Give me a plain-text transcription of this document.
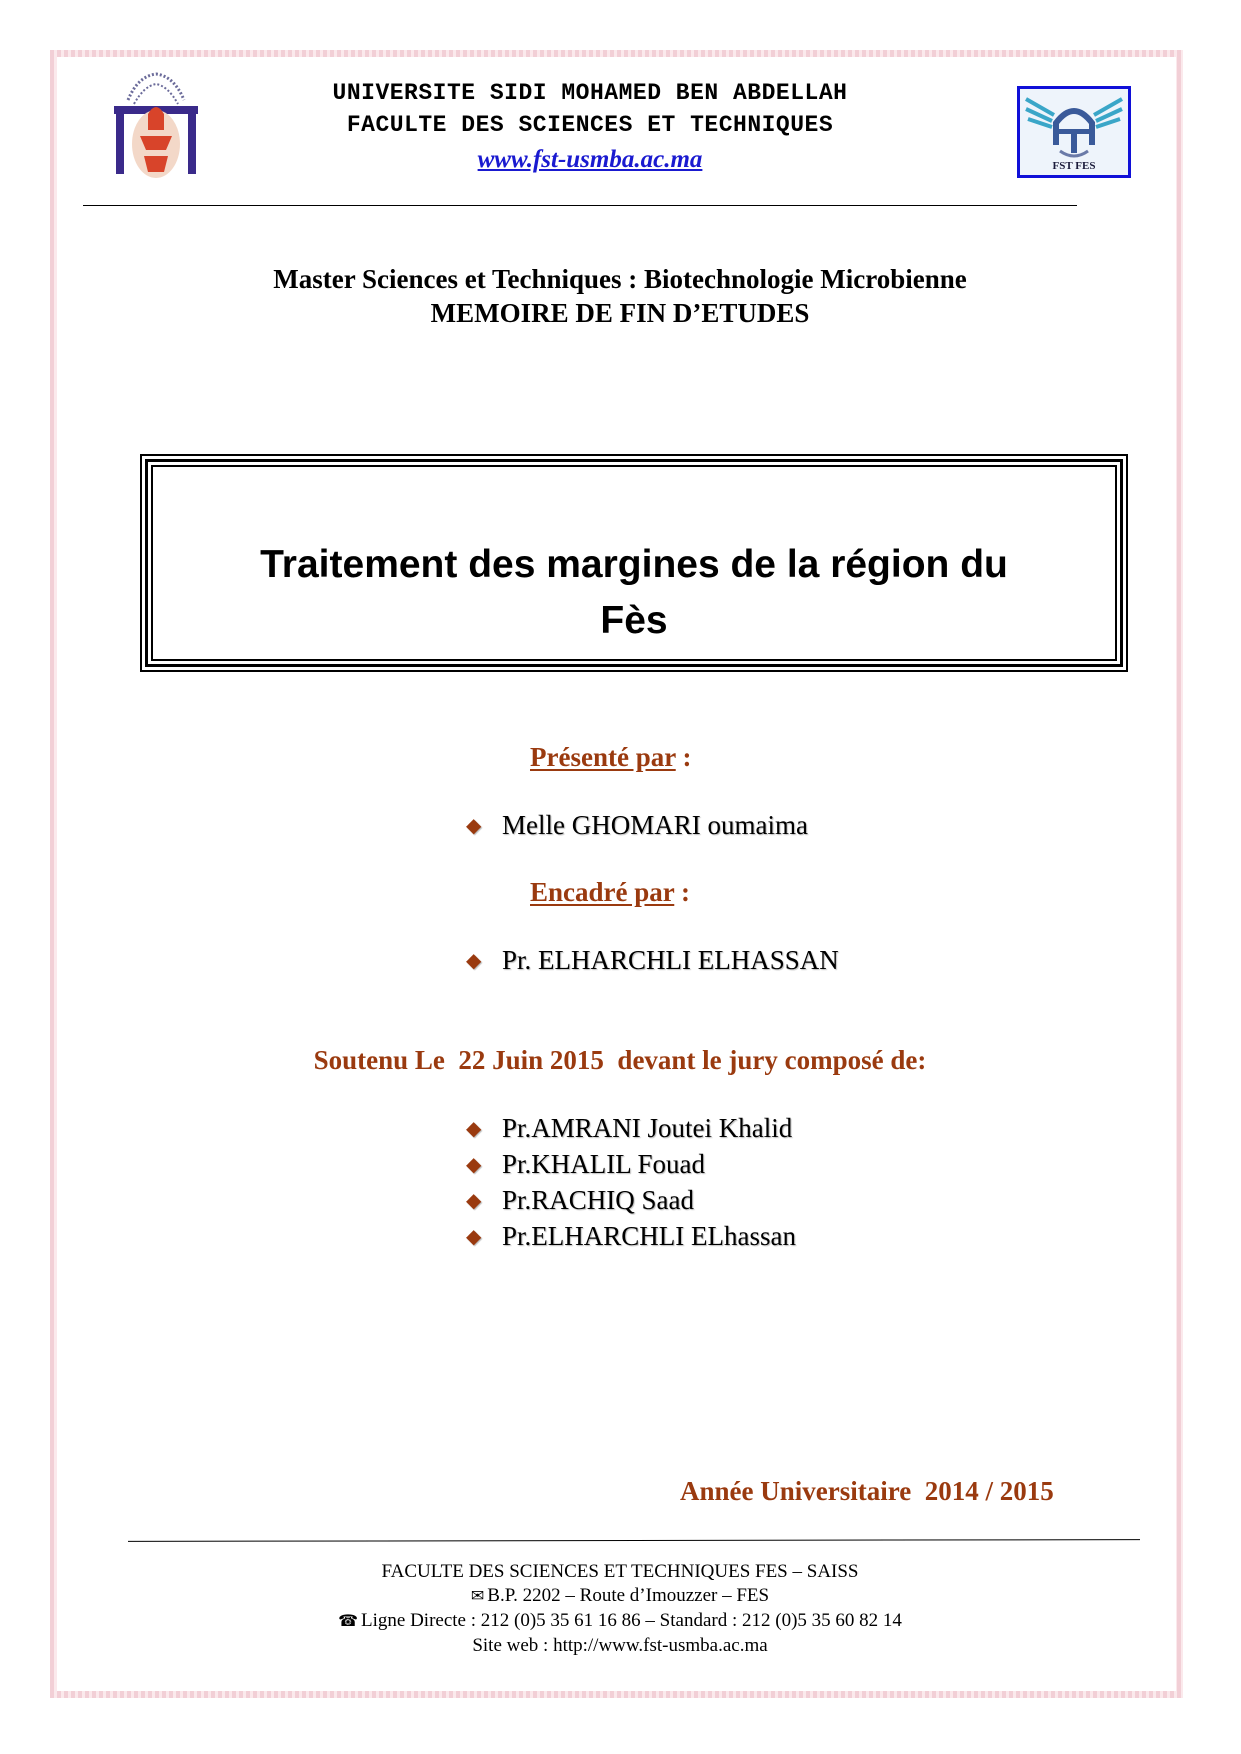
UNIVERSITE SIDI MOHAMED BEN ABDELLAH
FACULTE DES SCIENCES ET TECHNIQUES
www.fst-usmba.ac.ma	FST FES
Master Sciences et Techniques : Biotechnologie Microbienne
MEMOIRE DE FIN D’ETUDES
Traitement des margines de la région du
Fès
Présenté par :
◆ Melle GHOMARI oumaima
Encadré par :
◆ Pr. ELHARCHLI ELHASSAN
Soutenu Le  22 Juin 2015  devant le jury composé de:
◆ Pr.AMRANI Joutei Khalid
◆ Pr.KHALIL Fouad
◆ Pr.RACHIQ Saad
◆ Pr.ELHARCHLI ELhassan
Année Universitaire  2014 / 2015
FACULTE DES SCIENCES ET TECHNIQUES FES – SAISS
✉ B.P. 2202 – Route d’Imouzzer – FES
☎ Ligne Directe : 212 (0)5 35 61 16 86 – Standard : 212 (0)5 35 60 82 14
Site web : http://www.fst-usmba.ac.ma
